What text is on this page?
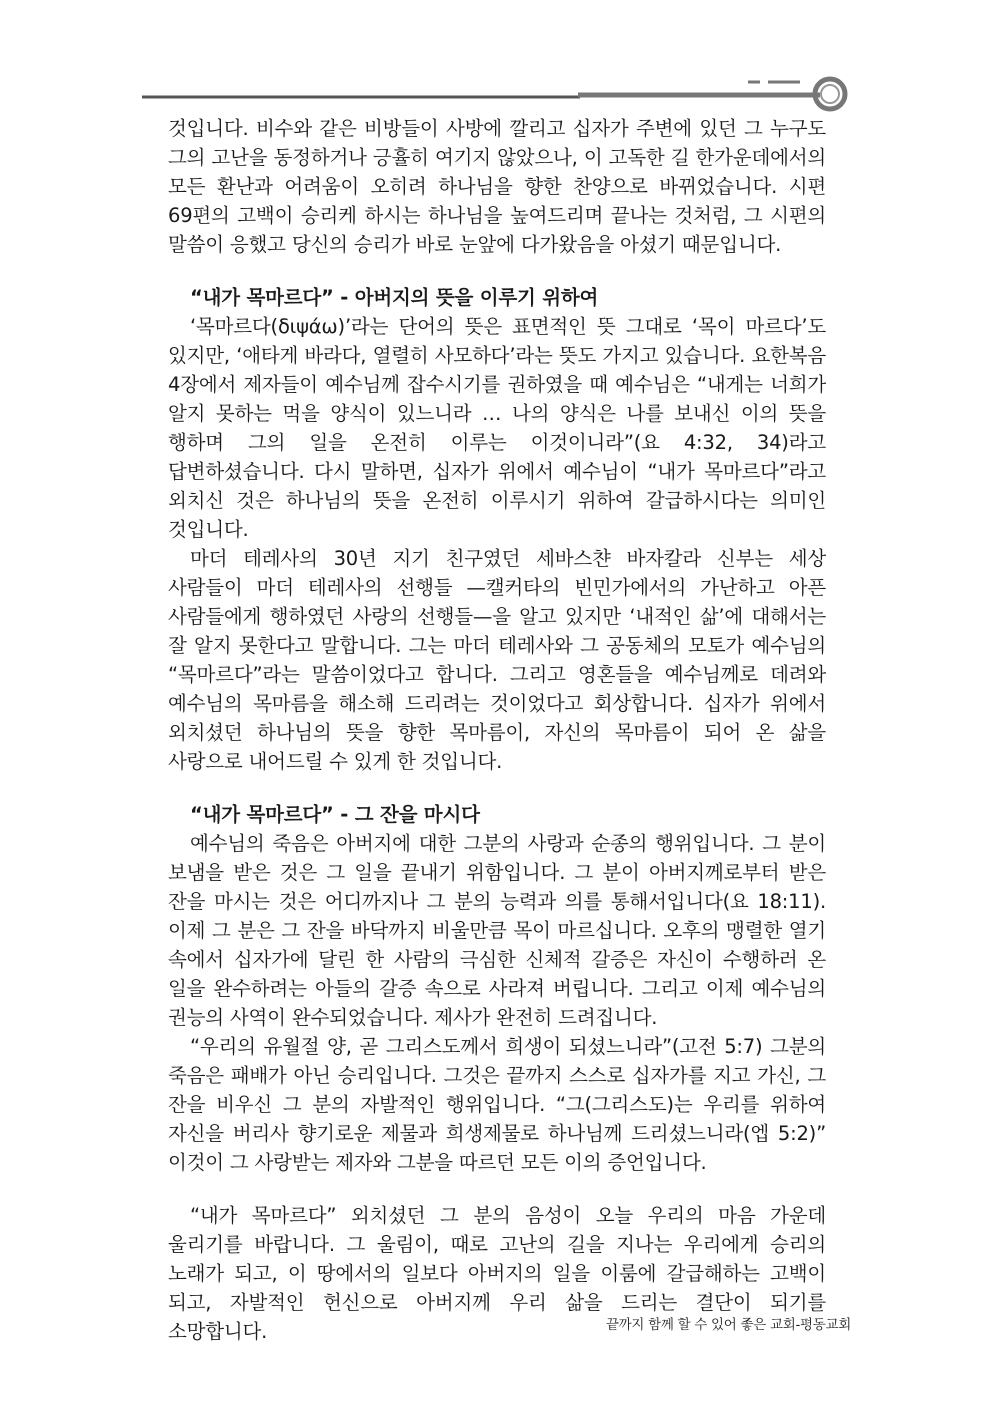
것입니다. 비수와 같은 비방들이 사방에 깔리고 십자가 주변에 있던 그 누구도 그의 고난을 동정하거나 긍휼히 여기지 않았으나, 이 고독한 길 한가운데에서의 모든 환난과 어려움이 오히려 하나님을 향한 찬양으로 바뀌었습니다. 시편 69편의 고백이 승리케 하시는 하나님을 높여드리며 끝나는 것처럼, 그 시편의 말씀이 응했고 당신의 승리가 바로 눈앞에 다가왔음을 아셨기 때문입니다.

“내가 목마르다” - 아버지의 뜻을 이루기 위하여

‘목마르다(διψάω)’라는 단어의 뜻은 표면적인 뜻 그대로 ‘목이 마르다’도 있지만, ‘애타게 바라다, 열렬히 사모하다’라는 뜻도 가지고 있습니다. 요한복음 4장에서 제자들이 예수님께 잡수시기를 권하였을 때 예수님은 “내게는 너희가 알지 못하는 먹을 양식이 있느니라 … 나의 양식은 나를 보내신 이의 뜻을 행하며 그의 일을 온전히 이루는 이것이니라”(요 4:32, 34)라고 답변하셨습니다. 다시 말하면, 십자가 위에서 예수님이 “내가 목마르다”라고 외치신 것은 하나님의 뜻을 온전히 이루시기 위하여 갈급하시다는 의미인 것입니다.

마더 테레사의 30년 지기 친구였던 세바스챤 바자칼라 신부는 세상 사람들이 마더 테레사의 선행들 —캘커타의 빈민가에서의 가난하고 아픈 사람들에게 행하였던 사랑의 선행들—을 알고 있지만 ‘내적인 삶’에 대해서는 잘 알지 못한다고 말합니다. 그는 마더 테레사와 그 공동체의 모토가 예수님의 “목마르다”라는 말씀이었다고 합니다. 그리고 영혼들을 예수님께로 데려와 예수님의 목마름을 해소해 드리려는 것이었다고 회상합니다. 십자가 위에서 외치셨던 하나님의 뜻을 향한 목마름이, 자신의 목마름이 되어 온 삶을 사랑으로 내어드릴 수 있게 한 것입니다.

“내가 목마르다” - 그 잔을 마시다

예수님의 죽음은 아버지에 대한 그분의 사랑과 순종의 행위입니다. 그 분이 보냄을 받은 것은 그 일을 끝내기 위함입니다. 그 분이 아버지께로부터 받은 잔을 마시는 것은 어디까지나 그 분의 능력과 의를 통해서입니다(요 18:11). 이제 그 분은 그 잔을 바닥까지 비울만큼 목이 마르십니다. 오후의 맹렬한 열기 속에서 십자가에 달린 한 사람의 극심한 신체적 갈증은 자신이 수행하러 온 일을 완수하려는 아들의 갈증 속으로 사라져 버립니다. 그리고 이제 예수님의 권능의 사역이 완수되었습니다. 제사가 완전히 드려집니다.

“우리의 유월절 양, 곧 그리스도께서 희생이 되셨느니라”(고전 5:7) 그분의 죽음은 패배가 아닌 승리입니다. 그것은 끝까지 스스로 십자가를 지고 가신, 그 잔을 비우신 그 분의 자발적인 행위입니다. “그(그리스도)는 우리를 위하여 자신을 버리사 향기로운 제물과 희생제물로 하나님께 드리셨느니라(엡 5:2)” 이것이 그 사랑받는 제자와 그분을 따르던 모든 이의 증언입니다.

“내가 목마르다” 외치셨던 그 분의 음성이 오늘 우리의 마음 가운데 울리기를 바랍니다. 그 울림이, 때로 고난의 길을 지나는 우리에게 승리의 노래가 되고, 이 땅에서의 일보다 아버지의 일을 이룸에 갈급해하는 고백이 되고, 자발적인 헌신으로 아버지께 우리 삶을 드리는 결단이 되기를 소망합니다.	끝까지 함께 할 수 있어 좋은 교회-평동교회
